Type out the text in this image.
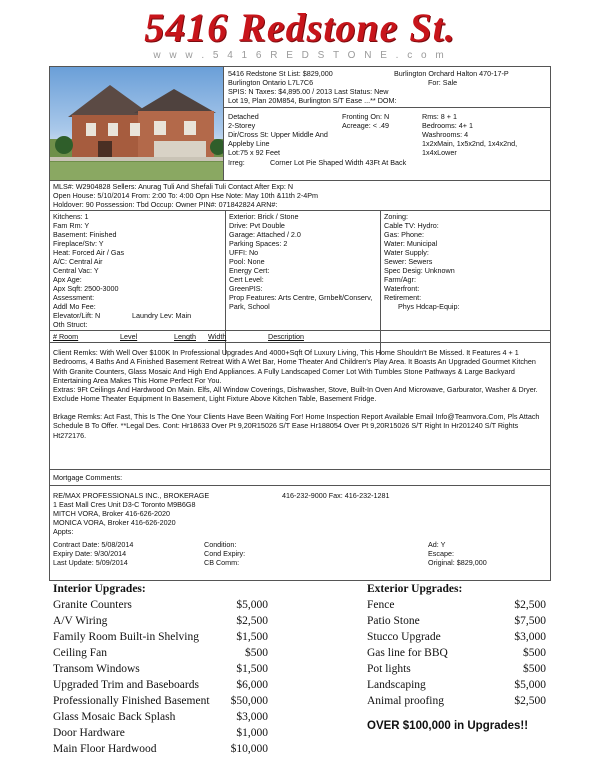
5416 Redstone St.
w w w . 5 4 1 6 R E D S T O N E . c o m
5416 Redstone St List: $829,000	Burlington Orchard Halton 470-17-P
Burlington Ontario L7L7C6	For: Sale
SPIS: N Taxes: $4,895.00 / 2013 Last Status: New
Lot 19, Plan 20M854, Burlington S/T Ease ...** DOM:
Detached
2-Storey
Dir/Cross St: Upper Middle And
Appleby Line
Lot:75 x 92 Feet
Irreg:	Corner Lot Pie Shaped Width 43Ft At Back
Fronting On: N
Acreage: < .49
Rms: 8 + 1
Bedrooms: 4+ 1
Washrooms: 4
1x2xMain, 1x5x2nd, 1x4x2nd,
1x4xLower
MLS#: W2904828 Sellers: Anurag Tuli And Shefali Tuli Contact After Exp: N
Open House: 5/10/2014 From: 2:00 To: 4:00 Opn Hse Note: May 10th &11th 2-4Pm
Holdover: 90 Possession: Tbd Occup: Owner PIN#: 071842824 ARN#:
Kitchens: 1
Fam Rm: Y
Basement: Finished
Fireplace/Stv: Y
Heat: Forced Air / Gas
A/C: Central Air
Central Vac: Y
Apx Age:
Apx Sqft: 2500-3000
Assessment:
Addl Mo Fee:
Elevator/Lift: N	Laundry Lev: Main
Oth Struct:
Exterior: Brick / Stone
Drive: Pvt Double
Garage: Attached / 2.0
Parking Spaces: 2
UFFI: No
Pool: None
Energy Cert:
Cert Level:
GreenPIS:
Prop Features: Arts Centre, Grnbelt/Conserv,
Park, School
Zoning:
Cable TV: Hydro:
Gas: Phone:
Water: Municipal
Water Supply:
Sewer: Sewers
Spec Desig: Unknown
Farm/Agr:
Waterfront:
Retirement:
Phys Hdcap-Equip:
# Room	Level	Length Width	Description
Client Remks: With Well Over $100K In Professional Upgrades And 4000+Sqft Of Luxury Living, This Home Shouldn't Be Missed. It Features 4 + 1 Bedrooms, 4 Baths And A Finished Basement Retreat With A Wet Bar, Home Theater And Children's Play Area. It Boasts An Upgraded Gourmet Kitchen With Granite Counters, Glass Mosaic And High End Appliances. A Fully Landscaped Corner Lot With Tumbles Stone Pathways & Large Backyard Entertaining Area Makes This Home Perfect For You.
Extras: 9Ft Ceilings And Hardwood On Main. Elfs, All Window Coverings, Dishwasher, Stove, Built-In Oven And Microwave, Garburator, Washer & Dryer. Exclude Home Theater Equipment In Basement, Light Fixture Above Kitchen Table, Basement Fridge.
Brkage Remks: Act Fast, This Is The One Your Clients Have Been Waiting For! Home Inspection Report Available Email Info@Teamvora.Com, Pls Attach Schedule B To Offer. **Legal Des. Cont: Hr18633 Over Pt 9,20R15026 S/T Ease Hr188054 Over Pt 9,20R15026 S/T Right In Hr201240 S/T Rights Ht272176.
Mortgage Comments:
RE/MAX PROFESSIONALS INC., BROKERAGE
1 East Mall Cres Unit D3-C Toronto M9B6G8
MITCH VORA, Broker 416-626-2020
MONICA VORA, Broker 416-626-2020
Appts:
416-232-9000 Fax: 416-232-1281
Contract Date: 5/08/2014
Expiry Date: 9/30/2014
Last Update: 5/09/2014
Condition:
Cond Expiry:
CB Comm:
Ad: Y
Escape:
Original: $829,000
Interior Upgrades:	Exterior Upgrades:
Granite Counters	$5,000
A/V Wiring	$2,500
Family Room Built-in Shelving	$1,500
Ceiling Fan	$500
Transom Windows	$1,500
Upgraded Trim and Baseboards	$6,000
Professionally Finished Basement	$50,000
Glass Mosaic Back Splash	$3,000
Door Hardware	$1,000
Main Floor Hardwood	$10,000
Fence	$2,500
Patio Stone	$7,500
Stucco Upgrade	$3,000
Gas line for BBQ	$500
Pot lights	$500
Landscaping	$5,000
Animal proofing	$2,500
OVER $100,000 in Upgrades!!
